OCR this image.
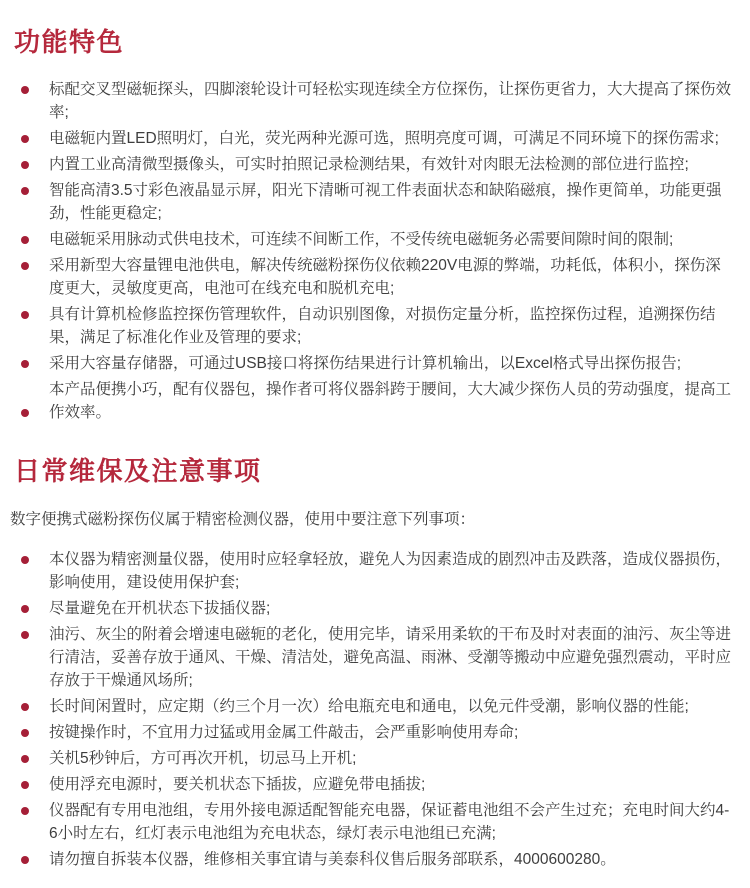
功能特色
标配交叉型磁轭探头，四脚滚轮设计可轻松实现连续全方位探伤，让探伤更省力，大大提高了探伤效率;
电磁轭内置LED照明灯，白光，荧光两种光源可选，照明亮度可调，可满足不同环境下的探伤需求;
内置工业高清微型摄像头，可实时拍照记录检测结果，有效针对肉眼无法检测的部位进行监控;
智能高清3.5寸彩色液晶显示屏，阳光下清晰可视工件表面状态和缺陷磁痕，操作更简单，功能更强劲，性能更稳定;
电磁轭采用脉动式供电技术，可连续不间断工作，不受传统电磁轭务必需要间隙时间的限制;
采用新型大容量锂电池供电，解决传统磁粉探伤仪依赖220V电源的弊端，功耗低，体积小，探伤深度更大，灵敏度更高，电池可在线充电和脱机充电;
具有计算机检修监控探伤管理软件，自动识别图像，对损伤定量分析，监控探伤过程，追溯探伤结果，满足了标准化作业及管理的要求;
采用大容量存储器，可通过USB接口将探伤结果进行计算机输出，以Excel格式导出探伤报告;
本产品便携小巧，配有仪器包，操作者可将仪器斜跨于腰间，大大减少探伤人员的劳动强度，提高工作效率。
日常维保及注意事项

数字便携式磁粉探伤仪属于精密检测仪器，使用中要注意下列事项：

本仪器为精密测量仪器，使用时应轻拿轻放，避免人为因素造成的剧烈冲击及跌落，造成仪器损伤，影响使用，建设使用保护套;
尽量避免在开机状态下拔插仪器;
油污、灰尘的附着会增速电磁轭的老化，使用完毕，请采用柔软的干布及时对表面的油污、灰尘等进行清洁，妥善存放于通风、干燥、清洁处，避免高温、雨淋、受潮等搬动中应避免强烈震动，平时应存放于干燥通风场所;
长时间闲置时，应定期（约三个月一次）给电瓶充电和通电，以免元件受潮，影响仪器的性能;
按键操作时，不宜用力过猛或用金属工件敲击，会严重影响使用寿命;
关机5秒钟后，方可再次开机，切忌马上开机;
使用浮充电源时，要关机状态下插拔，应避免带电插拔;
仪器配有专用电池组，专用外接电源适配智能充电器，保证蓄电池组不会产生过充；充电时间大约4-6小时左右，红灯表示电池组为充电状态，绿灯表示电池组已充满;
请勿擅自拆装本仪器，维修相关事宜请与美泰科仪售后服务部联系，4000600280。
